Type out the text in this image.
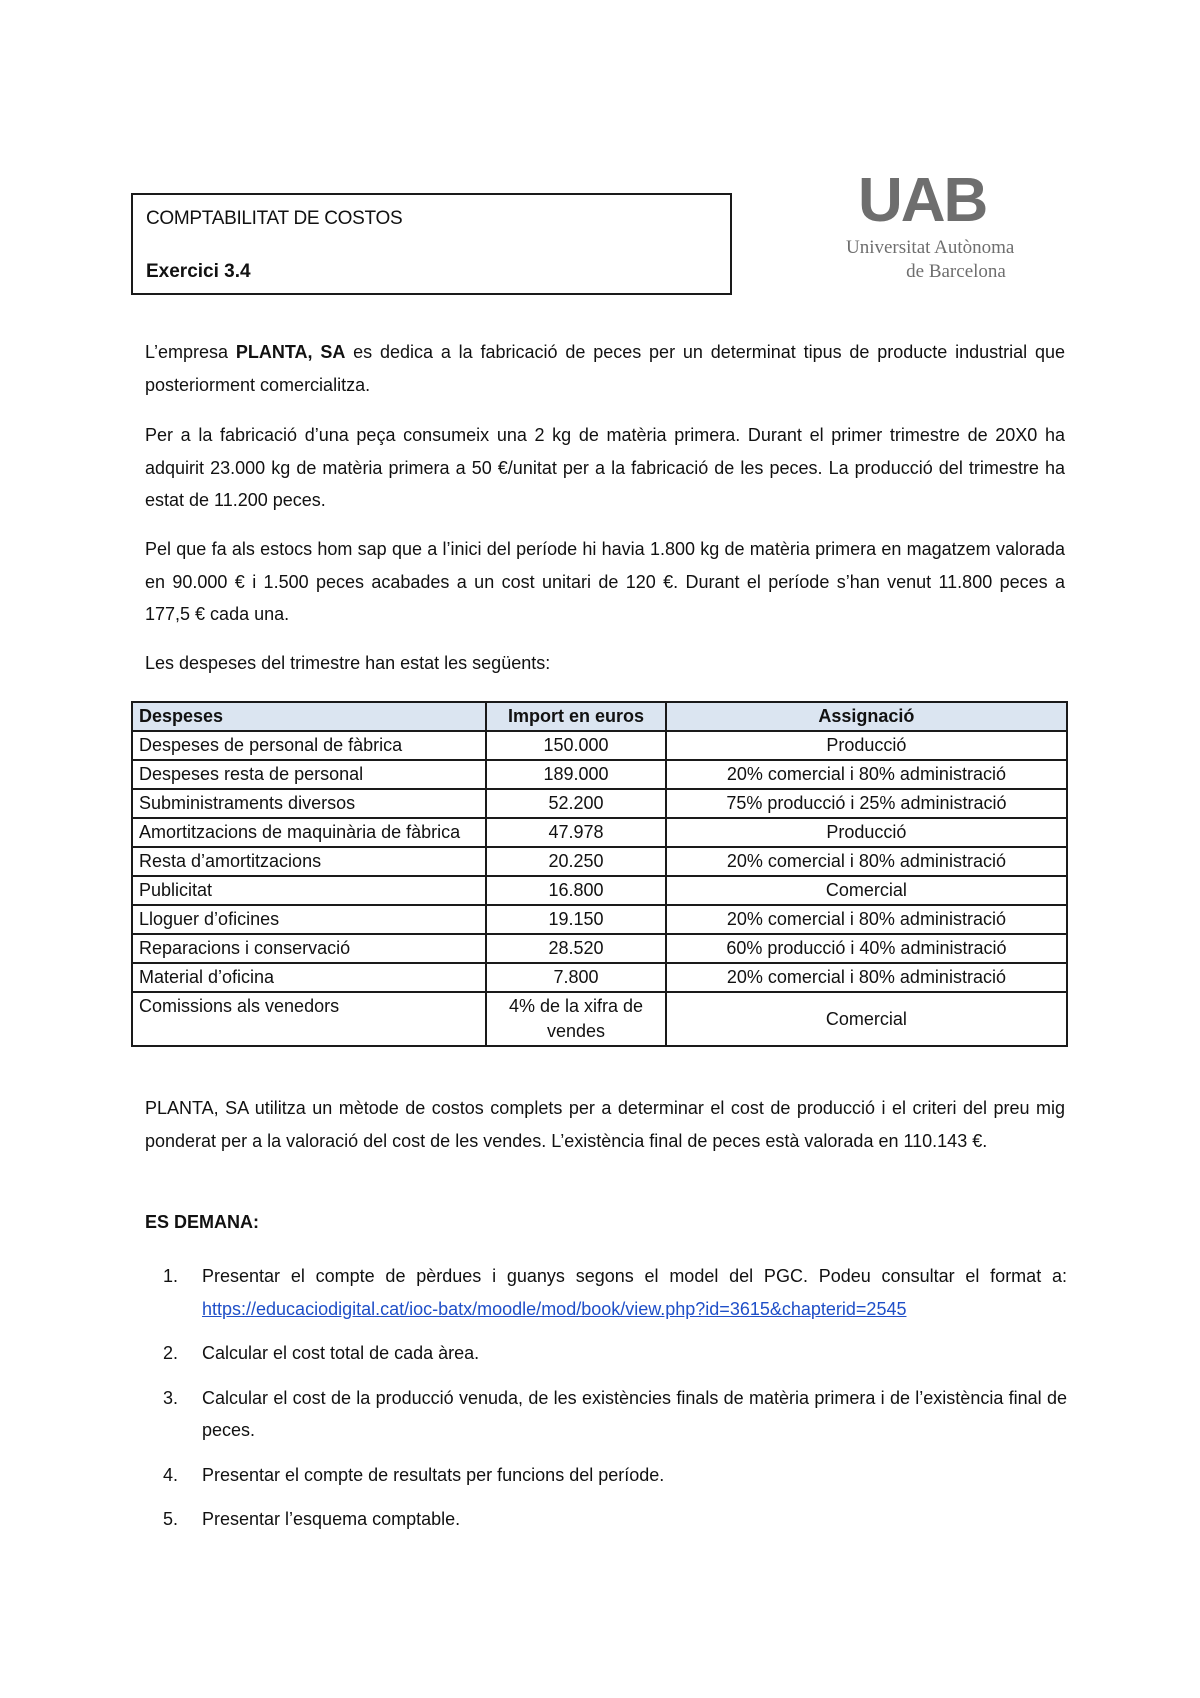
COMPTABILITAT DE COSTOS
Exercici 3.4
UAB
Universitat Autònoma
de Barcelona
L’empresa PLANTA, SA es dedica a la fabricació de peces per un determinat tipus de producte industrial que posteriorment comercialitza.
Per a la fabricació d’una peça consumeix una 2 kg de matèria primera. Durant el primer trimestre de 20X0 ha adquirit 23.000 kg de matèria primera a 50 €/unitat per a la fabricació de les peces. La producció del trimestre ha estat de 11.200 peces.
Pel que fa als estocs hom sap que a l’inici del període hi havia 1.800 kg de matèria primera en magatzem valorada en 90.000 € i 1.500 peces acabades a un cost unitari de 120 €. Durant el període s’han venut 11.800 peces a 177,5 € cada una.
Les despeses del trimestre han estat les següents:
Despeses	Import en euros	Assignació
Despeses de personal de fàbrica	150.000	Producció
Despeses resta de personal	189.000	20% comercial i 80% administració
Subministraments diversos	52.200	75% producció i 25% administració
Amortitzacions de maquinària de fàbrica	47.978	Producció
Resta d’amortitzacions	20.250	20% comercial i 80% administració
Publicitat	16.800	Comercial
Lloguer d’oficines	19.150	20% comercial i 80% administració
Reparacions i conservació	28.520	60% producció i 40% administració
Material d’oficina	7.800	20% comercial i 80% administració
Comissions als venedors	4% de la xifra de vendes	Comercial
PLANTA, SA utilitza un mètode de costos complets per a determinar el cost de producció i el criteri del preu mig ponderat per a la valoració del cost de les vendes. L’existència final de peces està valorada en 110.143 €.
ES DEMANA:
1. Presentar el compte de pèrdues i guanys segons el model del PGC. Podeu consultar el format a: https://educaciodigital.cat/ioc-batx/moodle/mod/book/view.php?id=3615&chapterid=2545
2. Calcular el cost total de cada àrea.
3. Calcular el cost de la producció venuda, de les existències finals de matèria primera i de l’existència final de peces.
4. Presentar el compte de resultats per funcions del període.
5. Presentar l’esquema comptable.
